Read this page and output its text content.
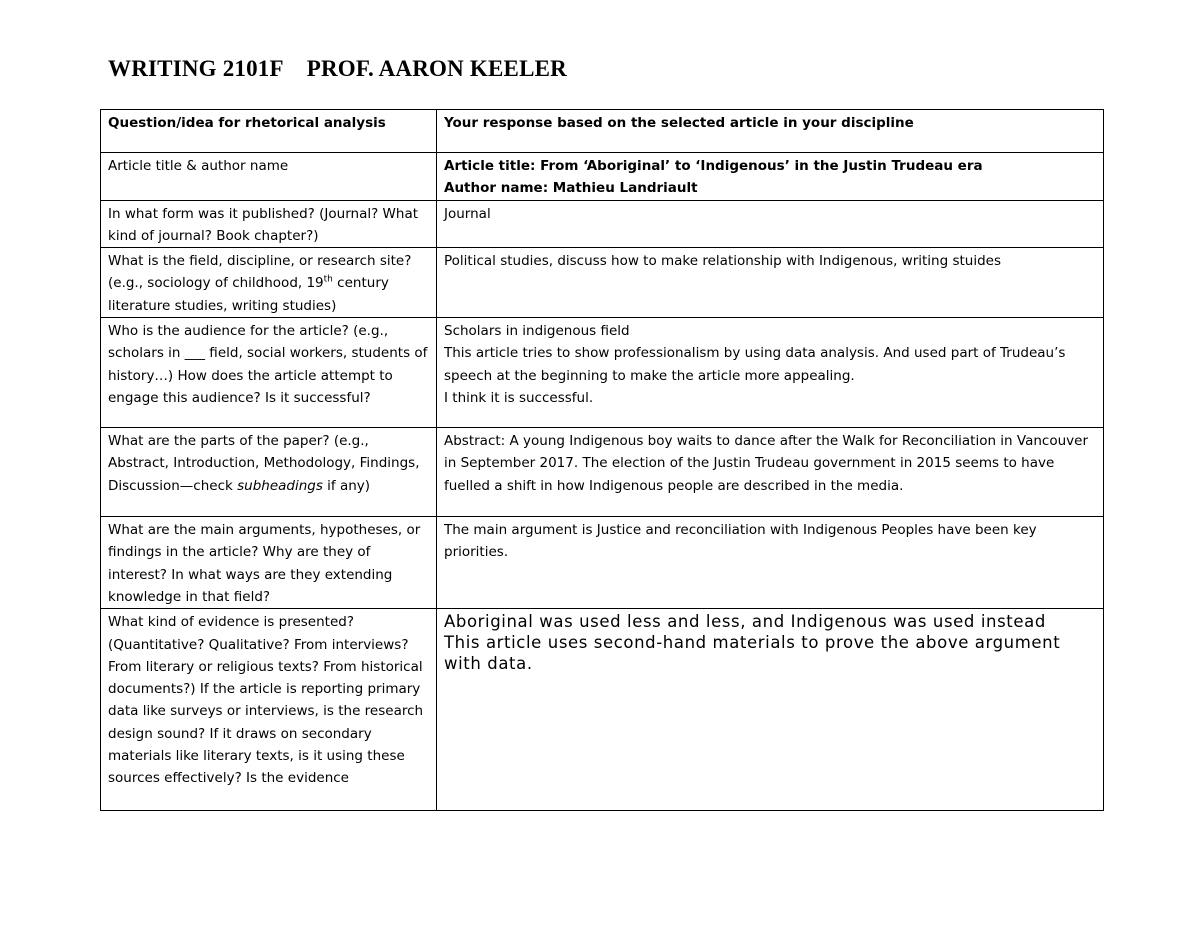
WRITING 2101F    PROF. AARON KEELER
Question/idea for rhetorical analysis	Your response based on the selected article in your discipline
Article title & author name	Article title: From ‘Aboriginal’ to ‘Indigenous’ in the Justin Trudeau era
Author name: Mathieu Landriault

In what form was it published? (Journal? What kind of journal? Book chapter?)	Journal
What is the field, discipline, or research site? (e.g., sociology of childhood, 19th century literature studies, writing studies)	Political studies, discuss how to make relationship with Indigenous, writing stuides
Who is the audience for the article? (e.g., scholars in ___ field, social workers, students of history…) How does the article attempt to engage this audience? Is it successful?	Scholars in indigenous field
This article tries to show professionalism by using data analysis. And used part of Trudeau’s speech at the beginning to make the article more appealing.
I think it is successful.

What are the parts of the paper? (e.g., Abstract, Introduction, Methodology, Findings, Discussion—check subheadings if any)	Abstract: A young Indigenous boy waits to dance after the Walk for Reconciliation in Vancouver in September 2017. The election of the Justin Trudeau government in 2015 seems to have fuelled a shift in how Indigenous people are described in the media.
What are the main arguments, hypotheses, or findings in the article? Why are they of interest? In what ways are they extending knowledge in that field?	The main argument is Justice and reconciliation with Indigenous Peoples have been key priorities.
What kind of evidence is presented? (Quantitative? Qualitative? From interviews? From literary or religious texts? From historical documents?) If the article is reporting primary data like surveys or interviews, is the research design sound? If it draws on secondary materials like literary texts, is it using these sources effectively? Is the evidence	Aboriginal was used less and less, and Indigenous was used instead
This article uses second-hand materials to prove the above argument with data.
